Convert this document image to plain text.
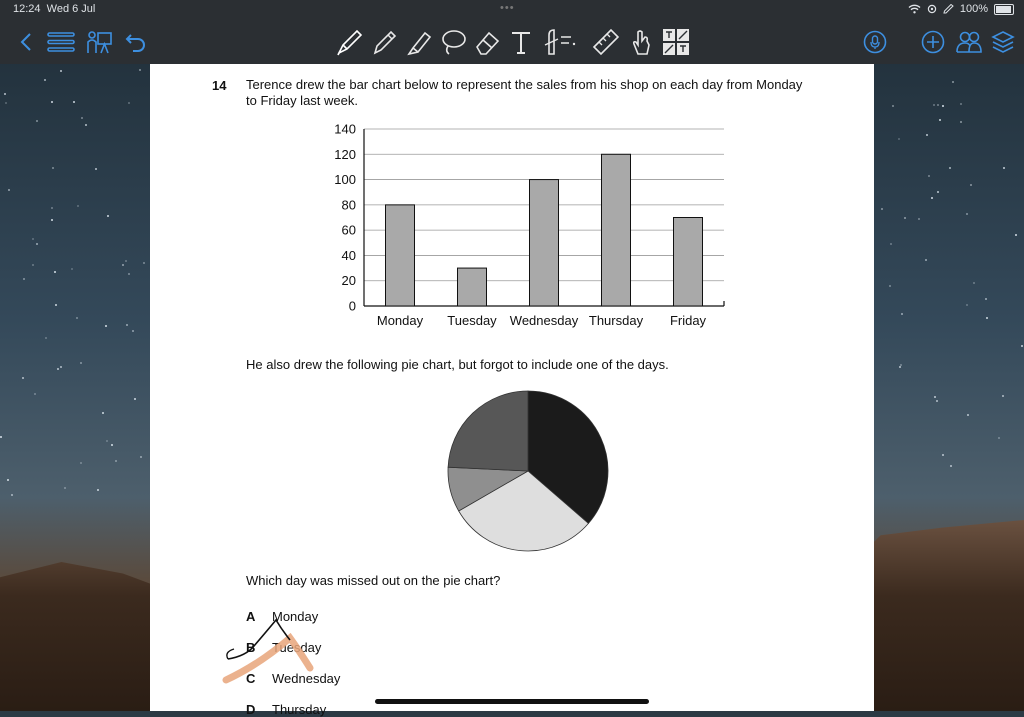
12:24 Wed 6 Jul	•••	100%
14 Terence drew the bar chart below to represent the sales from his shop on each day from Monday to Friday last week.
0
20
40
60
80
100
120
140
Monday Tuesday Wednesday Thursday Friday
He also drew the following pie chart, but forgot to include one of the days.
Which day was missed out on the pie chart?
A Monday
B Tuesday
C Wednesday
D Thursday
